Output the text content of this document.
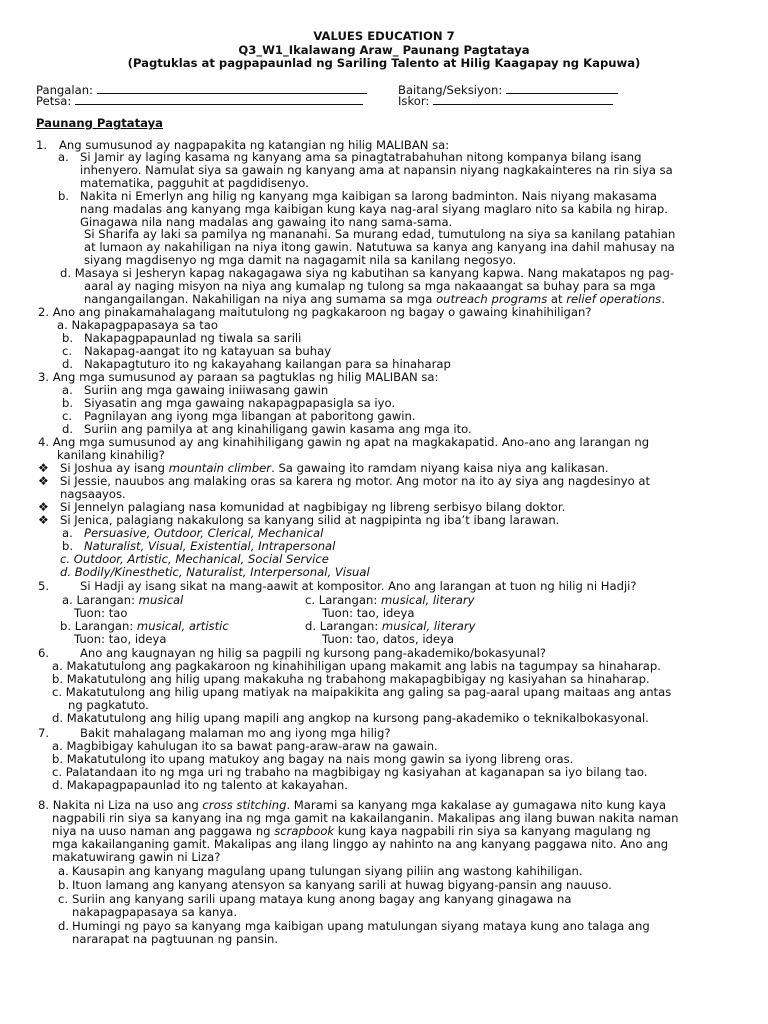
VALUES EDUCATION 7
Q3_W1_Ikalawang Araw_ Paunang Pagtataya
(Pagtuklas at pagpapaunlad ng Sariling Talento at Hilig Kaagapay ng Kapuwa)
Pangalan:
Petsa:
Baitang/Seksiyon:
Iskor:
Paunang Pagtataya
1. Ang sumusunod ay nagpapakita ng katangian ng hilig MALIBAN sa:
a. Si Jamir ay laging kasama ng kanyang ama sa pinagtatrabahuhan nitong kompanya bilang isang
inhenyero. Namulat siya sa gawain ng kanyang ama at napansin niyang nagkakainteres na rin siya sa
matematika, pagguhit at pagdidisenyo.
b. Nakita ni Emerlyn ang hilig ng kanyang mga kaibigan sa larong badminton. Nais niyang makasama
nang madalas ang kanyang mga kaibigan kung kaya nag-aral siyang maglaro nito sa kabila ng hirap.
Ginagawa nila nang madalas ang gawaing ito nang sama-sama.
Si Sharifa ay laki sa pamilya ng mananahi. Sa murang edad, tumutulong na siya sa kanilang patahian
at lumaon ay nakahiligan na niya itong gawin. Natutuwa sa kanya ang kanyang ina dahil mahusay na
siyang magdisenyo ng mga damit na nagagamit nila sa kanilang negosyo.
d. Masaya si Jesheryn kapag nakagagawa siya ng kabutihan sa kanyang kapwa. Nang makatapos ng pag-
aaral ay naging misyon na niya ang kumalap ng tulong sa mga nakaaangat sa buhay para sa mga
nangangailangan. Nakahiligan na niya ang sumama sa mga outreach programs at relief operations.
2. Ano ang pinakamahalagang maitutulong ng pagkakaroon ng bagay o gawaing kinahihiligan?
a. Nakapagpapasaya sa tao
b. Nakapagpapaunlad ng tiwala sa sarili
c. Nakapag-aangat ito ng katayuan sa buhay
d. Nakapagtuturo ito ng kakayahang kailangan para sa hinaharap
3. Ang mga sumusunod ay paraan sa pagtuklas ng hilig MALIBAN sa:
a. Suriin ang mga gawaing iniiwasang gawin
b. Siyasatin ang mga gawaing nakapagpapasigla sa iyo.
c. Pagnilayan ang iyong mga libangan at paboritong gawin.
d. Suriin ang pamilya at ang kinahiligang gawin kasama ang mga ito.
4. Ang mga sumusunod ay ang kinahihiligang gawin ng apat na magkakapatid. Ano-ano ang larangan ng
kanilang kinahilig?
❖ Si Joshua ay isang mountain climber. Sa gawaing ito ramdam niyang kaisa niya ang kalikasan.
❖ Si Jessie, nauubos ang malaking oras sa karera ng motor. Ang motor na ito ay siya ang nagdesinyo at
nagsaayos.
❖ Si Jennelyn palagiang nasa komunidad at nagbibigay ng libreng serbisyo bilang doktor.
❖ Si Jenica, palagiang nakakulong sa kanyang silid at nagpipinta ng iba’t ibang larawan.
a. Persuasive, Outdoor, Clerical, Mechanical
b. Naturalist, Visual, Existential, Intrapersonal
c. Outdoor, Artistic, Mechanical, Social Service
d. Bodily/Kinesthetic, Naturalist, Interpersonal, Visual
5.	Si Hadji ay isang sikat na mang-aawit at kompositor. Ano ang larangan at tuon ng hilig ni Hadji?
a. Larangan: musical
Tuon: tao
b. Larangan: musical, artistic
Tuon: tao, ideya
c. Larangan: musical, literary
Tuon: tao, ideya
d. Larangan: musical, literary
Tuon: tao, datos, ideya
6.	Ano ang kaugnayan ng hilig sa pagpili ng kursong pang-akademiko/bokasyunal?
a. Makatutulong ang pagkakaroon ng kinahihiligan upang makamit ang labis na tagumpay sa hinaharap.
b. Makatutulong ang hilig upang makakuha ng trabahong makapagbibigay ng kasiyahan sa hinaharap.
c. Makatutulong ang hilig upang matiyak na maipakikita ang galing sa pag-aaral upang maitaas ang antas
ng pagkatuto.
d. Makatutulong ang hilig upang mapili ang angkop na kursong pang-akademiko o teknikalbokasyonal.
7.	Bakit mahalagang malaman mo ang iyong mga hilig?
a. Magbibigay kahulugan ito sa bawat pang-araw-araw na gawain.
b. Makatutulong ito upang matukoy ang bagay na nais mong gawin sa iyong libreng oras.
c. Palatandaan ito ng mga uri ng trabaho na magbibigay ng kasiyahan at kaganapan sa iyo bilang tao.
d. Makapagpapaunlad ito ng talento at kakayahan.
8. Nakita ni Liza na uso ang cross stitching. Marami sa kanyang mga kakalase ay gumagawa nito kung kaya
nagpabili rin siya sa kanyang ina ng mga gamit na kakailanganin. Makalipas ang ilang buwan nakita naman
niya na uuso naman ang paggawa ng scrapbook kung kaya nagpabili rin siya sa kanyang magulang ng
mga kakailanganing gamit. Makalipas ang ilang linggo ay nahinto na ang kanyang paggawa nito. Ano ang
makatuwirang gawin ni Liza?
a. Kausapin ang kanyang magulang upang tulungan siyang piliin ang wastong kahihiligan.
b. Ituon lamang ang kanyang atensyon sa kanyang sarili at huwag bigyang-pansin ang nauuso.
c. Suriin ang kanyang sarili upang mataya kung anong bagay ang kanyang ginagawa na
nakapagpapasaya sa kanya.
d. Humingi ng payo sa kanyang mga kaibigan upang matulungan siyang mataya kung ano talaga ang
nararapat na pagtuunan ng pansin.
